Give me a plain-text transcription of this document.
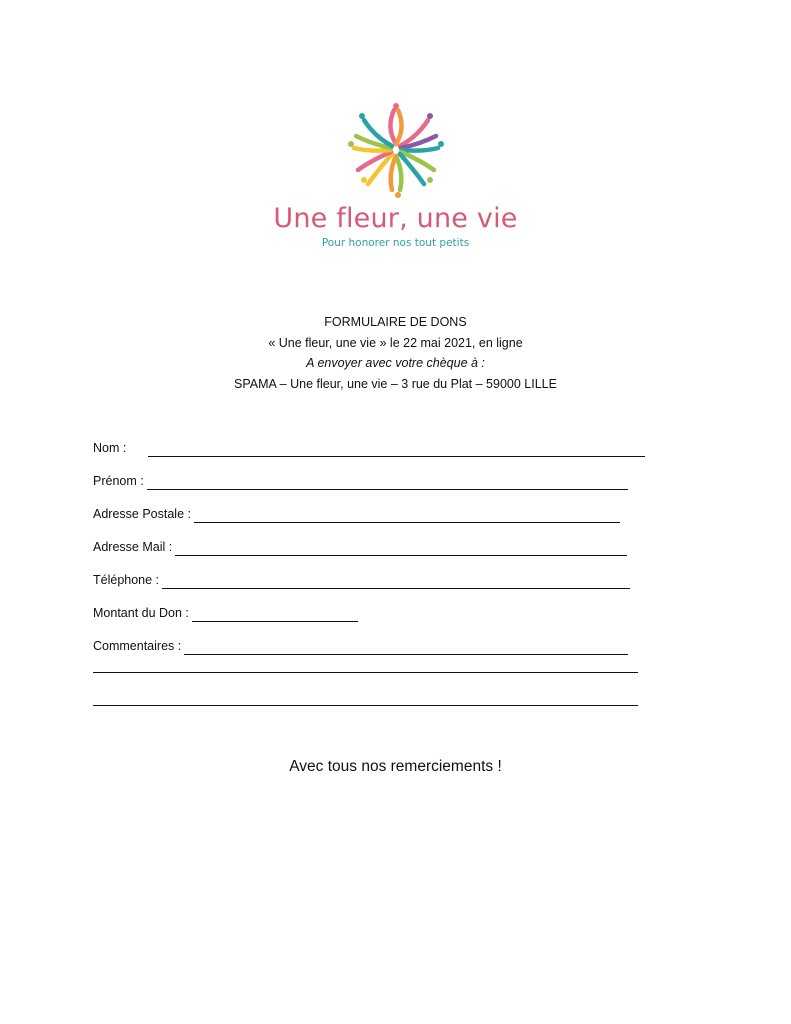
Une fleur, une vie
Pour honorer nos tout petits
FORMULAIRE DE DONS
« Une fleur, une vie » le 22 mai 2021, en ligne
A envoyer avec votre chèque à :
SPAMA – Une fleur, une vie – 3 rue du Plat – 59000 LILLE
Nom :
Prénom :
Adresse Postale :
Adresse Mail :
Téléphone :
Montant du Don :
Commentaires :
Avec tous nos remerciements !
